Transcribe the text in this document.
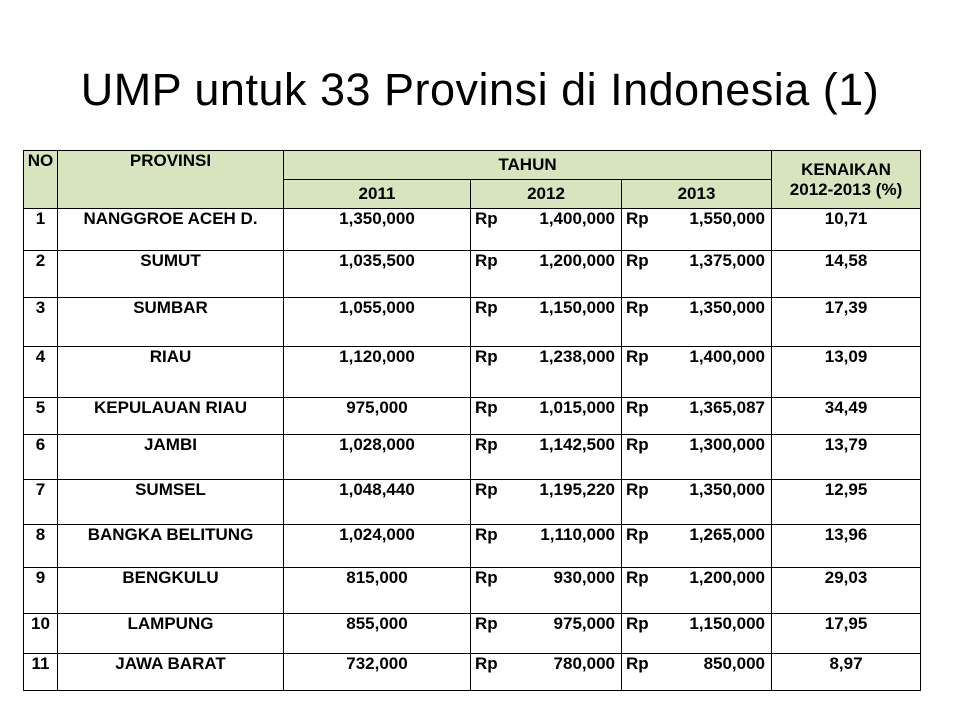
UMP untuk 33 Provinsi di Indonesia (1)
NO	PROVINSI	TAHUN			KENAIKAN
2012-2013 (%)

		2011	2012	2013	
1	NANGGROE ACEH D.	1,350,000	Rp 1,400,000	Rp 1,550,000	10,71
2	SUMUT	1,035,500	Rp 1,200,000	Rp 1,375,000	14,58
3	SUMBAR	1,055,000	Rp 1,150,000	Rp 1,350,000	17,39
4	RIAU	1,120,000	Rp 1,238,000	Rp 1,400,000	13,09
5	KEPULAUAN RIAU	975,000	Rp 1,015,000	Rp 1,365,087	34,49
6	JAMBI	1,028,000	Rp 1,142,500	Rp 1,300,000	13,79
7	SUMSEL	1,048,440	Rp 1,195,220	Rp 1,350,000	12,95
8	BANGKA BELITUNG	1,024,000	Rp 1,110,000	Rp 1,265,000	13,96
9	BENGKULU	815,000	Rp 930,000	Rp 1,200,000	29,03
10	LAMPUNG	855,000	Rp 975,000	Rp 1,150,000	17,95
11	JAWA BARAT	732,000	Rp 780,000	Rp 850,000	8,97
